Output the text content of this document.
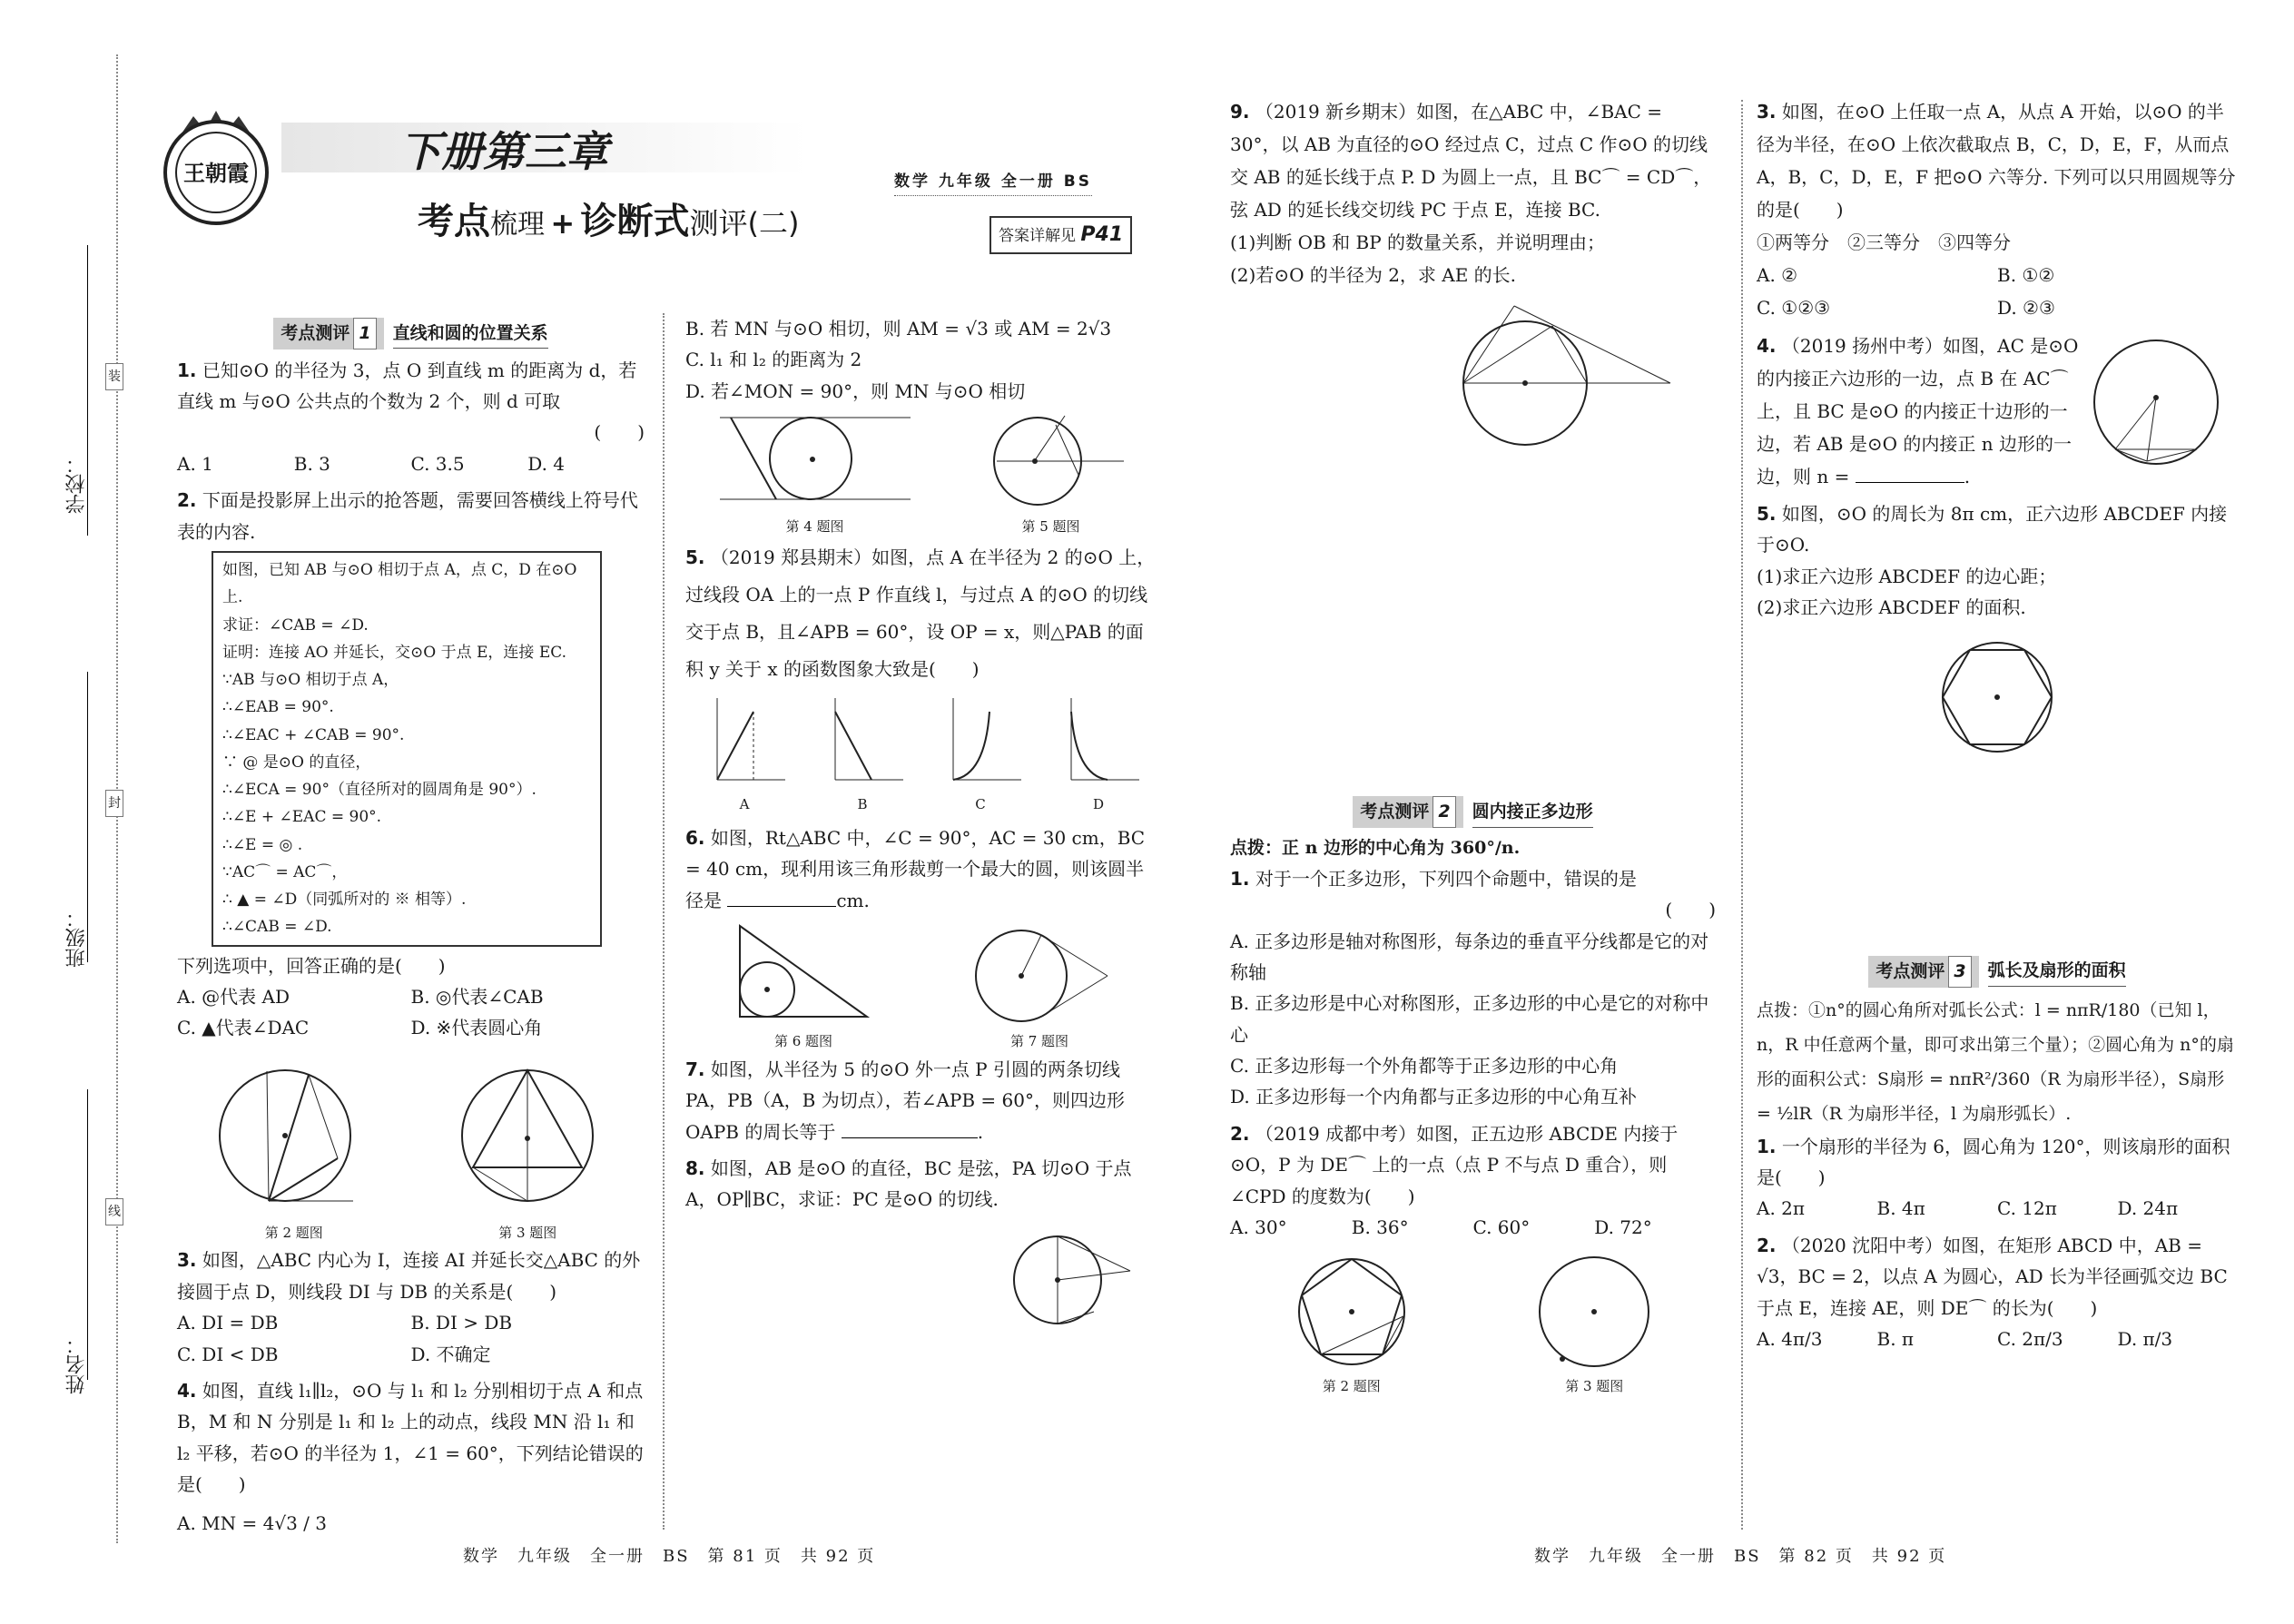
学校：
班级：
姓名：
装
封
线
王朝霞	下册第三章
考点梳理 + 诊断式测评(二)
数学 九年级 全一册 BS
答案详解见 P41
考点测评 1	直线和圆的位置关系
1. 已知⊙O 的半径为 3，点 O 到直线 m 的距离为 d，若直线 m 与⊙O 公共点的个数为 2 个，则 d 可取
(　　)
A. 1	B. 3	C. 3.5	D. 4
2. 下面是投影屏上出示的抢答题，需要回答横线上符号代表的内容.
如图，已知 AB 与⊙O 相切于点 A，点 C，D 在⊙O 上.
求证：∠CAB = ∠D.
证明：连接 AO 并延长，交⊙O 于点 E，连接 EC.
∵AB 与⊙O 相切于点 A，
∴∠EAB = 90°.
∴∠EAC + ∠CAB = 90°.
∵ @ 是⊙O 的直径，
∴∠ECA = 90°（直径所对的圆周角是 90°）.
∴∠E + ∠EAC = 90°.
∴∠E = ◎ .
∵AC⌒ = AC⌒，
∴ ▲ = ∠D（同弧所对的 ※ 相等）.
∴∠CAB = ∠D.
下列选项中，回答正确的是(　　)
A. @代表 AD	B. ◎代表∠CAB
C. ▲代表∠DAC	D. ※代表圆心角
第 2 题图	第 3 题图
3. 如图，△ABC 内心为 I，连接 AI 并延长交△ABC 的外接圆于点 D，则线段 DI 与 DB 的关系是(　　)
A. DI = DB	B. DI > DB
C. DI < DB	D. 不确定
4. 如图，直线 l₁∥l₂，⊙O 与 l₁ 和 l₂ 分别相切于点 A 和点 B，M 和 N 分别是 l₁ 和 l₂ 上的动点，线段 MN 沿 l₁ 和 l₂ 平移，若⊙O 的半径为 1，∠1 = 60°，下列结论错误的是(　　)
A. MN = 4√3 / 3
B. 若 MN 与⊙O 相切，则 AM = √3 或 AM = 2√3
C. l₁ 和 l₂ 的距离为 2
D. 若∠MON = 90°，则 MN 与⊙O 相切
第 4 题图	第 5 题图
5. （2019 郑县期末）如图，点 A 在半径为 2 的⊙O 上，过线段 OA 上的一点 P 作直线 l，与过点 A 的⊙O 的切线交于点 B，且∠APB = 60°，设 OP = x，则△PAB 的面积 y 关于 x 的函数图象大致是(　　)
A	B	C	D
6. 如图，Rt△ABC 中，∠C = 90°，AC = 30 cm，BC = 40 cm，现利用该三角形裁剪一个最大的圆，则该圆半径是	cm.
第 6 题图	第 7 题图
7. 如图，从半径为 5 的⊙O 外一点 P 引圆的两条切线 PA，PB（A，B 为切点），若∠APB = 60°，则四边形 OAPB 的周长等于	.
8. 如图，AB 是⊙O 的直径，BC 是弦，PA 切⊙O 于点 A，OP∥BC，求证：PC 是⊙O 的切线.
9. （2019 新乡期末）如图，在△ABC 中，∠BAC = 30°，以 AB 为直径的⊙O 经过点 C，过点 C 作⊙O 的切线交 AB 的延长线于点 P. D 为圆上一点，且 BC⌒ = CD⌒，弦 AD 的延长线交切线 PC 于点 E，连接 BC.
(1)判断 OB 和 BP 的数量关系，并说明理由；
(2)若⊙O 的半径为 2，求 AE 的长.
考点测评 2	圆内接正多边形
点拨：正 n 边形的中心角为 360°/n.
1. 对于一个正多边形，下列四个命题中，错误的是
(　　)
A. 正多边形是轴对称图形，每条边的垂直平分线都是它的对称轴
B. 正多边形是中心对称图形，正多边形的中心是它的对称中心
C. 正多边形每一个外角都等于正多边形的中心角
D. 正多边形每一个内角都与正多边形的中心角互补
2. （2019 成都中考）如图，正五边形 ABCDE 内接于⊙O，P 为 DE⌒ 上的一点（点 P 不与点 D 重合），则∠CPD 的度数为(　　)
A. 30°	B. 36°	C. 60°	D. 72°
第 2 题图	第 3 题图
3. 如图，在⊙O 上任取一点 A，从点 A 开始，以⊙O 的半径为半径，在⊙O 上依次截取点 B，C，D，E，F，从而点 A，B，C，D，E，F 把⊙O 六等分. 下列可以只用圆规等分的是(　　)
①两等分　②三等分　③四等分
A. ②	B. ①②
C. ①②③	D. ②③
4. （2019 扬州中考）如图，AC 是⊙O 的内接正六边形的一边，点 B 在 AC⌒ 上，且 BC 是⊙O 的内接正十边形的一边，若 AB 是⊙O 的内接正 n 边形的一边，则 n =	.
5. 如图，⊙O 的周长为 8π cm，正六边形 ABCDEF 内接于⊙O.
(1)求正六边形 ABCDEF 的边心距；
(2)求正六边形 ABCDEF 的面积.
考点测评 3	弧长及扇形的面积
点拨：①n°的圆心角所对弧长公式：l = nπR/180（已知 l，n，R 中任意两个量，即可求出第三个量）；②圆心角为 n°的扇形的面积公式：S扇形 = nπR²/360（R 为扇形半径），S扇形 = ½lR（R 为扇形半径，l 为扇形弧长）.
1. 一个扇形的半径为 6，圆心角为 120°，则该扇形的面积是(　　)
A. 2π	B. 4π	C. 12π	D. 24π
2. （2020 沈阳中考）如图，在矩形 ABCD 中，AB = √3，BC = 2，以点 A 为圆心，AD 长为半径画弧交边 BC 于点 E，连接 AE，则 DE⌒ 的长为(　　)
A. 4π/3	B. π	C. 2π/3	D. π/3
数学　九年级　全一册　BS　第 81 页　共 92 页	数学　九年级　全一册　BS　第 82 页　共 92 页
